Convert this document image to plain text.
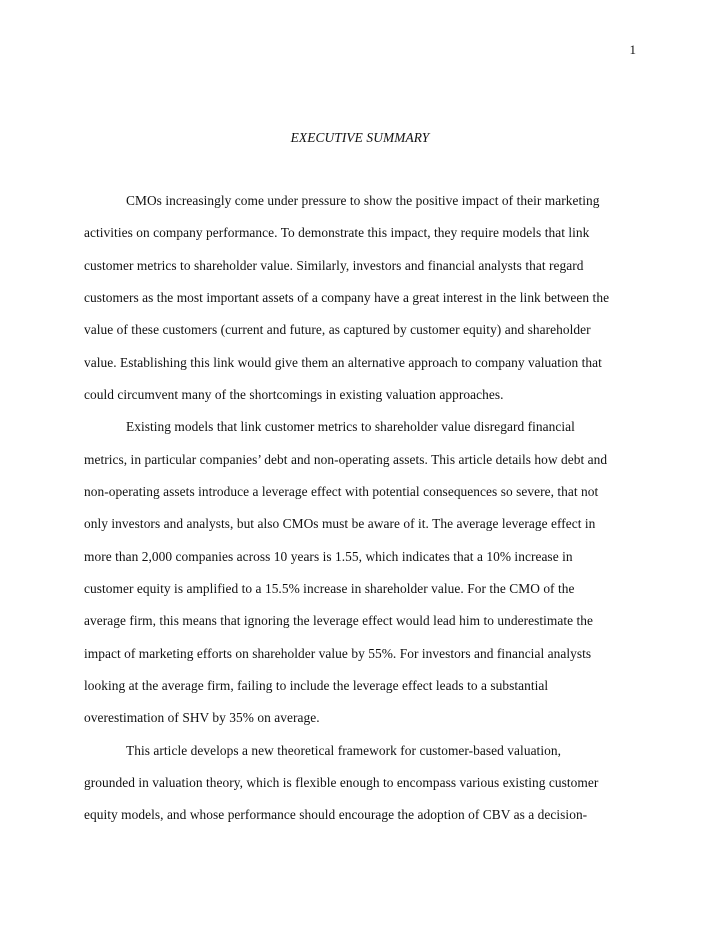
1
EXECUTIVE SUMMARY
CMOs increasingly come under pressure to show the positive impact of their marketing
activities on company performance. To demonstrate this impact, they require models that link
customer metrics to shareholder value. Similarly, investors and financial analysts that regard
customers as the most important assets of a company have a great interest in the link between the
value of these customers (current and future, as captured by customer equity) and shareholder
value. Establishing this link would give them an alternative approach to company valuation that
could circumvent many of the shortcomings in existing valuation approaches.
Existing models that link customer metrics to shareholder value disregard financial
metrics, in particular companies’ debt and non-operating assets. This article details how debt and
non-operating assets introduce a leverage effect with potential consequences so severe, that not
only investors and analysts, but also CMOs must be aware of it. The average leverage effect in
more than 2,000 companies across 10 years is 1.55, which indicates that a 10% increase in
customer equity is amplified to a 15.5% increase in shareholder value. For the CMO of the
average firm, this means that ignoring the leverage effect would lead him to underestimate the
impact of marketing efforts on shareholder value by 55%. For investors and financial analysts
looking at the average firm, failing to include the leverage effect leads to a substantial
overestimation of SHV by 35% on average.
This article develops a new theoretical framework for customer-based valuation,
grounded in valuation theory, which is flexible enough to encompass various existing customer
equity models, and whose performance should encourage the adoption of CBV as a decision-
